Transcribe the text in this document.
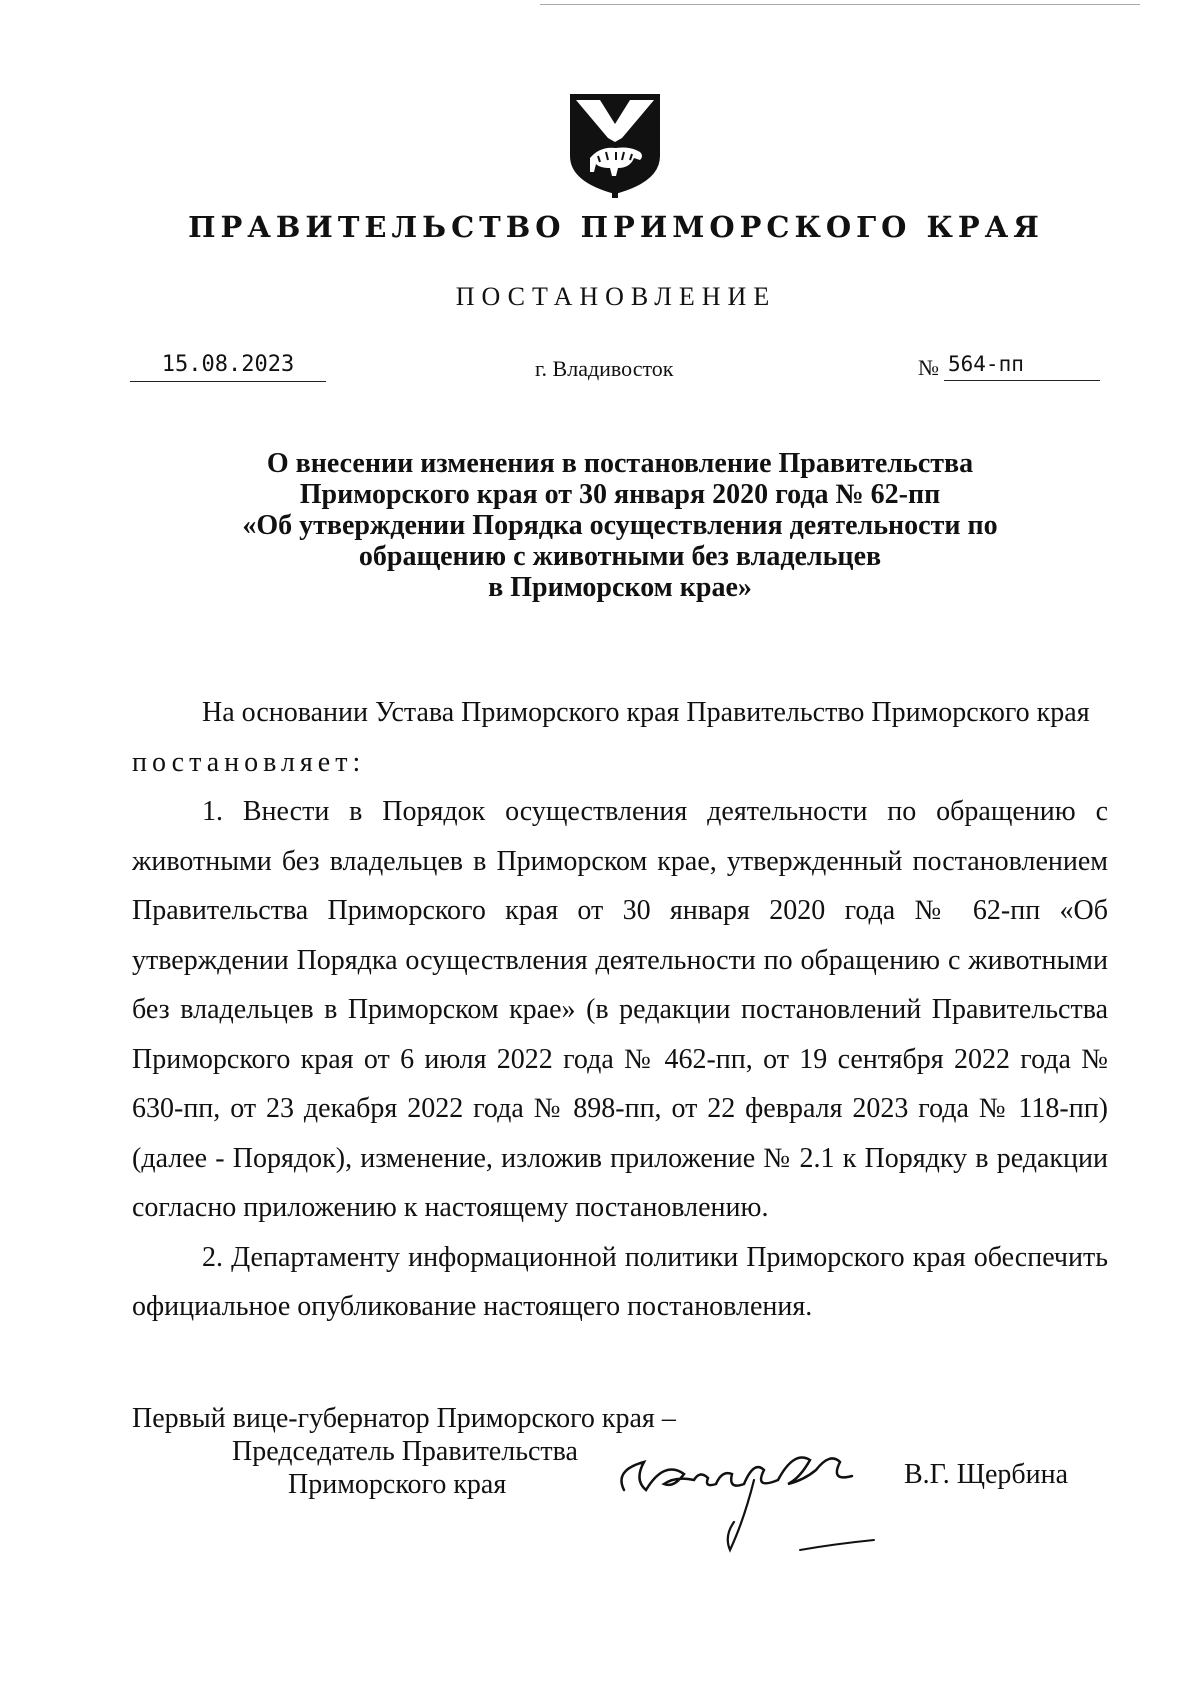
ПРАВИТЕЛЬСТВО ПРИМОРСКОГО КРАЯ
ПОСТАНОВЛЕНИЕ
15.08.2023	г. Владивосток	№ 564-пп
О внесении изменения в постановление Правительства
Приморского края от 30 января 2020 года № 62-пп
«Об утверждении Порядка осуществления деятельности по
обращению с животными без владельцев
в Приморском крае»

На основании Устава Приморского края Правительство Приморского края

постановляет:

1. Внести в Порядок осуществления деятельности по обращению с животными без владельцев в Приморском крае, утвержденный постановлением Правительства Приморского края от 30 января 2020 года № 62-пп «Об утверждении Порядка осуществления деятельности по обращению с животными без владельцев в Приморском крае» (в редакции постановлений Правительства Приморского края от 6 июля 2022 года № 462-пп, от 19 сентября 2022 года № 630-пп, от 23 декабря 2022 года № 898-пп, от 22 февраля 2023 года № 118-пп) (далее - Порядок), изменение, изложив приложение № 2.1 к Порядку в редакции согласно приложению к настоящему постановлению.

2. Департаменту информационной политики Приморского края обеспечить официальное опубликование настоящего постановления.

Первый вице-губернатор Приморского края –
Председатель Правительства
Приморского края	В.Г. Щербина
